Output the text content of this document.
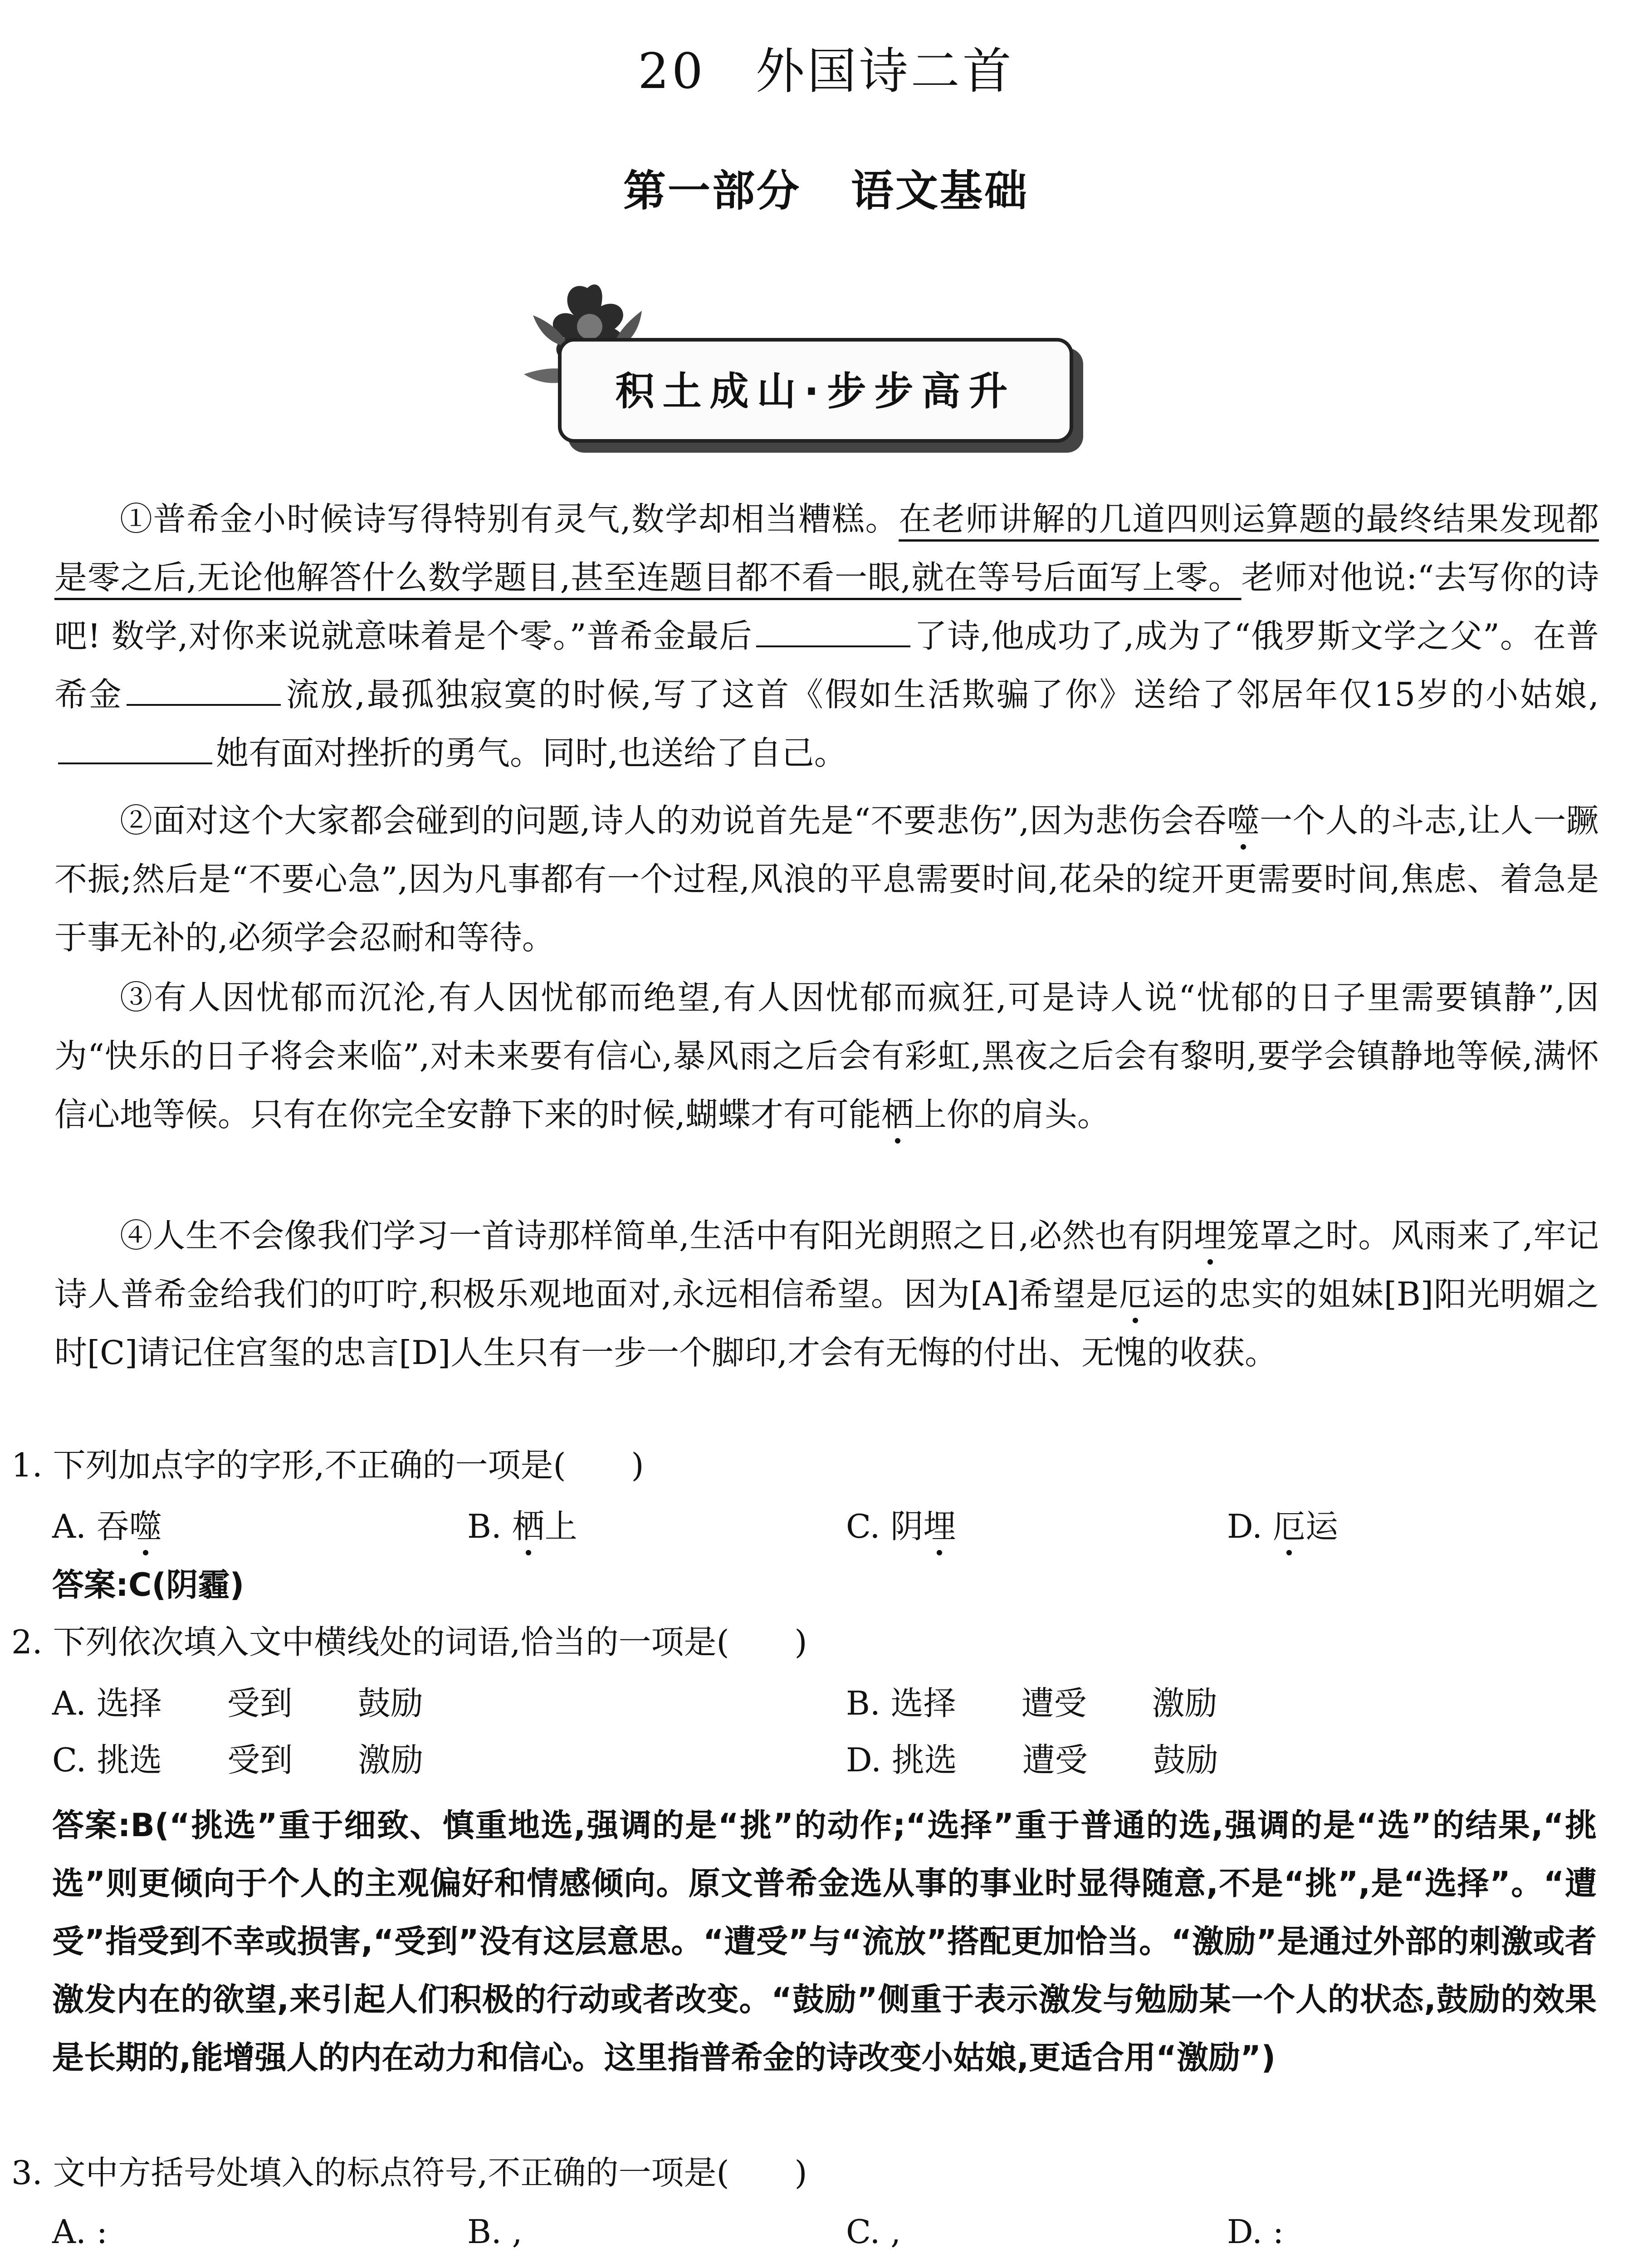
20 外国诗二首
第一部分 语文基础
积土成山·步步高升
①普希金小时候诗写得特别有灵气,数学却相当糟糕。在老师讲解的几道四则运算题的最终结果发现都是零之后,无论他解答什么数学题目,甚至连题目都不看一眼,就在等号后面写上零。老师对他说:“去写你的诗吧! 数学,对你来说就意味着是个零。”普希金最后	了诗,他成功了,成为了“俄罗斯文学之父”。在普希金	流放,最孤独寂寞的时候,写了这首《假如生活欺骗了你》送给了邻居年仅15岁的小姑娘,她有面对挫折的勇气。同时,也送给了自己。
②面对这个大家都会碰到的问题,诗人的劝说首先是“不要悲伤”,因为悲伤会吞噬一个人的斗志,让人一蹶不振;然后是“不要心急”,因为凡事都有一个过程,风浪的平息需要时间,花朵的绽开更需要时间,焦虑、着急是于事无补的,必须学会忍耐和等待。
③有人因忧郁而沉沦,有人因忧郁而绝望,有人因忧郁而疯狂,可是诗人说“忧郁的日子里需要镇静”,因为“快乐的日子将会来临”,对未来要有信心,暴风雨之后会有彩虹,黑夜之后会有黎明,要学会镇静地等候,满怀信心地等候。只有在你完全安静下来的时候,蝴蝶才有可能栖上你的肩头。
④人生不会像我们学习一首诗那样简单,生活中有阳光朗照之日,必然也有阴埋笼罩之时。风雨来了,牢记诗人普希金给我们的叮咛,积极乐观地面对,永远相信希望。因为[A]希望是厄运的忠实的姐妹[B]阳光明媚之时[C]请记住宫玺的忠言[D]人生只有一步一个脚印,才会有无悔的付出、无愧的收获。
1. 下列加点字的字形,不正确的一项是(　　)
A. 吞噬	B. 栖上	C. 阴埋	D. 厄运
答案:C(阴霾)
2. 下列依次填入文中横线处的词语,恰当的一项是(　　)
A. 选择　　受到　　鼓励	B. 选择　　遭受　　激励
C. 挑选　　受到　　激励	D. 挑选　　遭受　　鼓励
答案:B(“挑选”重于细致、慎重地选,强调的是“挑”的动作;“选择”重于普通的选,强调的是“选”的结果,“挑选”则更倾向于个人的主观偏好和情感倾向。原文普希金选从事的事业时显得随意,不是“挑”,是“选择”。“遭受”指受到不幸或损害,“受到”没有这层意思。“遭受”与“流放”搭配更加恰当。“激励”是通过外部的刺激或者激发内在的欲望,来引起人们积极的行动或者改变。“鼓励”侧重于表示激发与勉励某一个人的状态,鼓励的效果是长期的,能增强人的内在动力和信心。这里指普希金的诗改变小姑娘,更适合用“激励”)
3. 文中方括号处填入的标点符号,不正确的一项是(　　)
A. :	B. ,	C. ,	D. :
